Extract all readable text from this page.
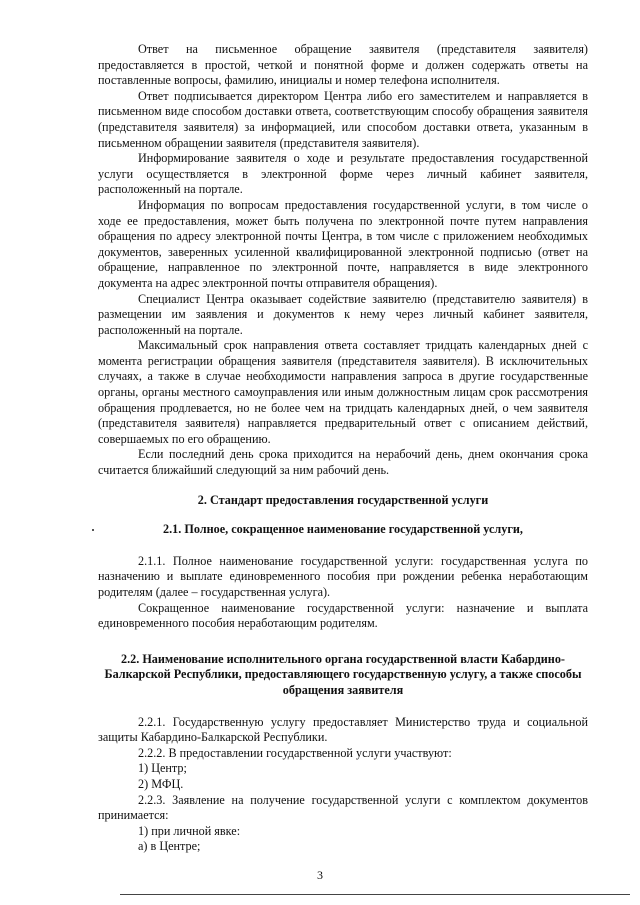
Ответ на письменное обращение заявителя (представителя заявителя) предоставляется в простой, четкой и понятной форме и должен содержать ответы на поставленные вопросы, фамилию, инициалы и номер телефона исполнителя.

Ответ подписывается директором Центра либо его заместителем и направляется в письменном виде способом доставки ответа, соответствующим способу обращения заявителя (представителя заявителя) за информацией, или способом доставки ответа, указанным в письменном обращении заявителя (представителя заявителя).

Информирование заявителя о ходе и результате предоставления государственной услуги осуществляется в электронной форме через личный кабинет заявителя, расположенный на портале.

Информация по вопросам предоставления государственной услуги, в том числе о ходе ее предоставления, может быть получена по электронной почте путем направления обращения по адресу электронной почты Центра, в том числе с приложением необходимых документов, заверенных усиленной квалифицированной электронной подписью (ответ на обращение, направленное по электронной почте, направляется в виде электронного документа на адрес электронной почты отправителя обращения).

Специалист Центра оказывает содействие заявителю (представителю заявителя) в размещении им заявления и документов к нему через личный кабинет заявителя, расположенный на портале.

Максимальный срок направления ответа составляет тридцать календарных дней с момента регистрации обращения заявителя (представителя заявителя). В исключительных случаях, а также в случае необходимости направления запроса в другие государственные органы, органы местного самоуправления или иным должностным лицам срок рассмотрения обращения продлевается, но не более чем на тридцать календарных дней, о чем заявителя (представителя заявителя) направляется предварительный ответ с описанием действий, совершаемых по его обращению.

Если последний день срока приходится на нерабочий день, днем окончания срока считается ближайший следующий за ним рабочий день.

2. Стандарт предоставления государственной услуги

2.1. Полное, сокращенное наименование государственной услуги,

2.1.1. Полное наименование государственной услуги: государственная услуга по назначению и выплате единовременного пособия при рождении ребенка неработающим родителям (далее – государственная услуга).

Сокращенное наименование государственной услуги: назначение и выплата единовременного пособия неработающим родителям.

2.2. Наименование исполнительного органа государственной власти Кабардино-Балкарской Республики, предоставляющего государственную услугу, а также способы обращения заявителя

2.2.1. Государственную услугу предоставляет Министерство труда и социальной защиты Кабардино-Балкарской Республики.

2.2.2. В предоставлении государственной услуги участвуют:

1) Центр;

2) МФЦ.

2.2.3. Заявление на получение государственной услуги с комплектом документов принимается:

1) при личной явке:

а) в Центре;

3
